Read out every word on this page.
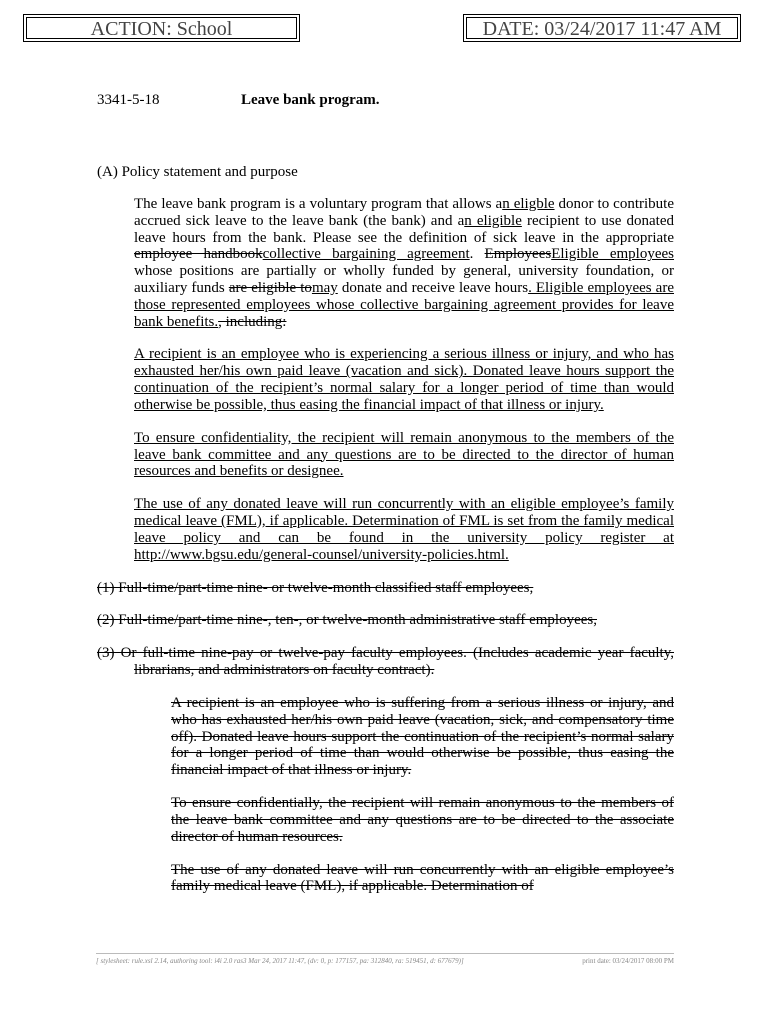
ACTION: School	DATE: 03/24/2017 11:47 AM
3341-5-18	Leave bank program.
(A) Policy statement and purpose

The leave bank program is a voluntary program that allows an eligble donor to contribute accrued sick leave to the leave bank (the bank) and an eligible recipient to use donated leave hours from the bank. Please see the definition of sick leave in the appropriate employee handbookcollective bargaining agreement. EmployeesEligible employees whose positions are partially or wholly funded by general, university foundation, or auxiliary funds are eligible tomay donate and receive leave hours. Eligible employees are those represented employees whose collective bargaining agreement provides for leave bank benefits., including:

A recipient is an employee who is experiencing a serious illness or injury, and who has exhausted her/his own paid leave (vacation and sick). Donated leave hours support the continuation of the recipient’s normal salary for a longer period of time than would otherwise be possible, thus easing the financial impact of that illness or injury.

To ensure confidentiality, the recipient will remain anonymous to the members of the leave bank committee and any questions are to be directed to the director of human resources and benefits or designee.

The use of any donated leave will run concurrently with an eligible employee’s family medical leave (FML), if applicable. Determination of FML is set from the family medical leave policy and can be found in the university policy register at http://www.bgsu.edu/general-counsel/university-policies.html.

(1) Full-time/part-time nine- or twelve-month classified staff employees,

(2) Full-time/part-time nine-, ten-, or twelve-month administrative staff employees,

(3) Or full-time nine-pay or twelve-pay faculty employees. (Includes academic year faculty, librarians, and administrators on faculty contract).

A recipient is an employee who is suffering from a serious illness or injury, and who has exhausted her/his own paid leave (vacation, sick, and compensatory time off). Donated leave hours support the continuation of the recipient’s normal salary for a longer period of time than would otherwise be possible, thus easing the financial impact of that illness or injury.

To ensure confidentially, the recipient will remain anonymous to the members of the leave bank committee and any questions are to be directed to the associate director of human resources.

The use of any donated leave will run concurrently with an eligible employee’s family medical leave (FML), if applicable. Determination of

[ stylesheet: rule.xsl 2.14, authoring tool: i4i 2.0 ras3 Mar 24, 2017 11:47, (dv: 0, p: 177157, pa: 312840, ra: 519451, d: 677679)]	print date: 03/24/2017 08:00 PM
